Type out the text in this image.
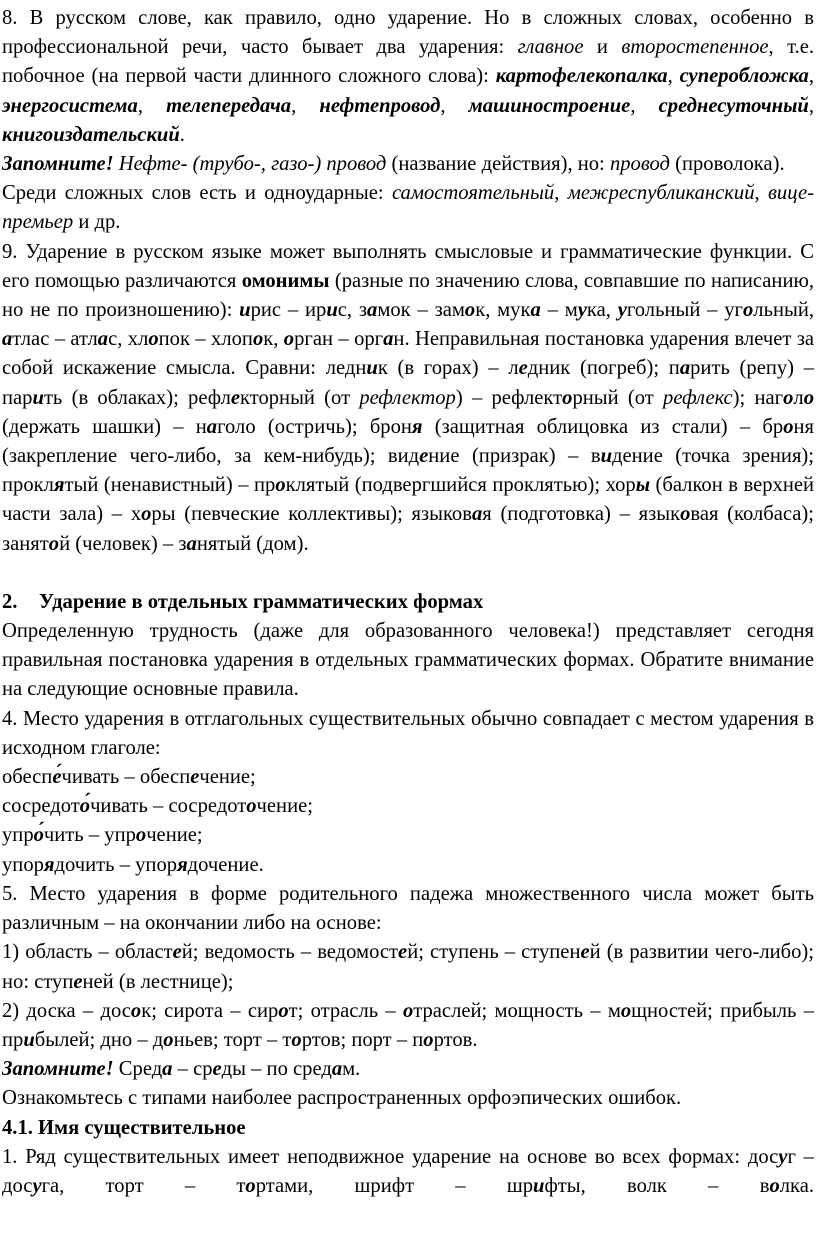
8. В русском слове, как правило, одно ударение. Но в сложных словах, особенно в профессиональной речи, часто бывает два ударения: главное и второстепенное, т.е. побочное (на первой части длинного сложного слова): картофелекопалка, суперобложка, энергосистема, телепередача, нефтепровод, машиностроение, среднесуточный, книгоиздательский.

Запомните! Нефте- (трубо-, газо-) провод (название действия), но: провод (проволока).

Среди сложных слов есть и одноударные: самостоятельный, межреспубликанский, вице-премьер и др.

9. Ударение в русском языке может выполнять смысловые и грамматические функции. С его помощью различаются омонимы (разные по значению слова, совпавшие по написанию, но не по произношению): ирис – ирис, замок – замок, мука – мука, угольный – угольный, атлас – атлас, хлопок – хлопок, орган – орган. Неправильная постановка ударения влечет за собой искажение смысла. Сравни: ледник (в горах) – ледник (погреб); парить (репу) – парить (в облаках); рефлекторный (от рефлектор) – рефлекторный (от рефлекс); наголо (держать шашки) – наголо (остричь); броня (защитная облицовка из стали) – броня (закрепление чего-либо, за кем-нибудь); видение (призрак) – видение (точка зрения); проклятый (ненавистный) – проклятый (подвергшийся проклятью); хоры (балкон в верхней части зала) – хоры (певческие коллективы); языковая (подготовка) – языковая (колбаса); занятой (человек) – занятый (дом).

2. Ударение в отдельных грамматических формах

Определенную трудность (даже для образованного человека!) представляет сегодня правильная постановка ударения в отдельных грамматических формах. Обратите внимание на следующие основные правила.

4. Место ударения в отглагольных существительных обычно совпадает с местом ударения в исходном глаголе:

обеспе́чивать – обеспечение;

сосредото́чивать – сосредоточение;

упро́чить – упрочение;

упорядочить – упорядочение.

5. Место ударения в форме родительного падежа множественного числа может быть различным – на окончании либо на основе:

1) область – областей; ведомость – ведомостей; ступень – ступеней (в развитии чего-либо); но: ступеней (в лестнице);

2) доска – досок; сирота – сирот; отрасль – отраслей; мощность – мощностей; прибыль – прибылей; дно – доньев; торт – тортов; порт – портов.

Запомните! Среда – среды – по средам.

Ознакомьтесь с типами наиболее распространенных орфоэпических ошибок.

4.1. Имя существительное

1. Ряд существительных имеет неподвижное ударение на основе во всех формах: досуг – досуга, торт – тортами, шрифт – шрифты, волк – волка.
